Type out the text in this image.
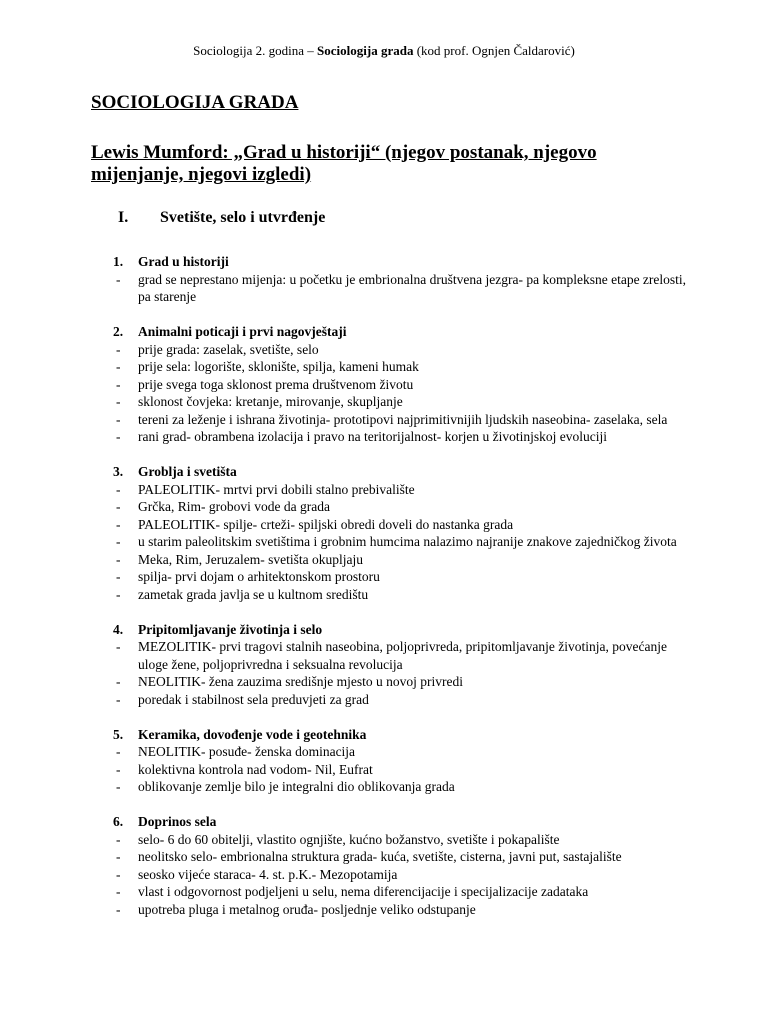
Sociologija 2. godina – Sociologija grada (kod prof. Ognjen Čaldarović)
SOCIOLOGIJA GRADA
Lewis Mumford: „Grad u historiji“ (njegov postanak, njegovo mijenjanje, njegovi izgledi)
I. Svetište, selo i utvrđenje
1. Grad u historiji
- grad se neprestano mijenja: u početku je embrionalna društvena jezgra- pa kompleksne etape zrelosti, pa starenje
2. Animalni poticaji i prvi nagovještaji
- prije grada: zaselak, svetište, selo
- prije sela: logorište, sklonište, spilja, kameni humak
- prije svega toga sklonost prema društvenom životu
- sklonost čovjeka: kretanje, mirovanje, skupljanje
- tereni za leženje i ishrana životinja- prototipovi najprimitivnijih ljudskih naseobina- zaselaka, sela
- rani grad- obrambena izolacija i pravo na teritorijalnost- korjen u životinjskoj evoluciji
3. Groblja i svetišta
- PALEOLITIK- mrtvi prvi dobili stalno prebivalište
- Grčka, Rim- grobovi vode da grada
- PALEOLITIK- spilje- crteži- spiljski obredi doveli do nastanka grada
- u starim paleolitskim svetištima i grobnim humcima nalazimo najranije znakove zajedničkog života
- Meka, Rim, Jeruzalem- svetišta okupljaju
- spilja- prvi dojam o arhitektonskom prostoru
- zametak grada javlja se u kultnom središtu
4. Pripitomljavanje životinja i selo
- MEZOLITIK- prvi tragovi stalnih naseobina, poljoprivreda, pripitomljavanje životinja, povećanje uloge žene, poljoprivredna i seksualna revolucija
- NEOLITIK- žena zauzima središnje mjesto u novoj privredi
- poredak i stabilnost sela preduvjeti za grad
5. Keramika, dovođenje vode i geotehnika
- NEOLITIK- posuđe- ženska dominacija
- kolektivna kontrola nad vodom- Nil, Eufrat
- oblikovanje zemlje bilo je integralni dio oblikovanja grada
6. Doprinos sela
- selo- 6 do 60 obitelji, vlastito ognjište, kućno božanstvo, svetište i pokapalište
- neolitsko selo- embrionalna struktura grada- kuća, svetište, cisterna, javni put, sastajalište
- seosko vijeće staraca- 4. st. p.K.- Mezopotamija
- vlast i odgovornost podjeljeni u selu, nema diferencijacije i specijalizacije zadataka
- upotreba pluga i metalnog oruđa- posljednje veliko odstupanje
